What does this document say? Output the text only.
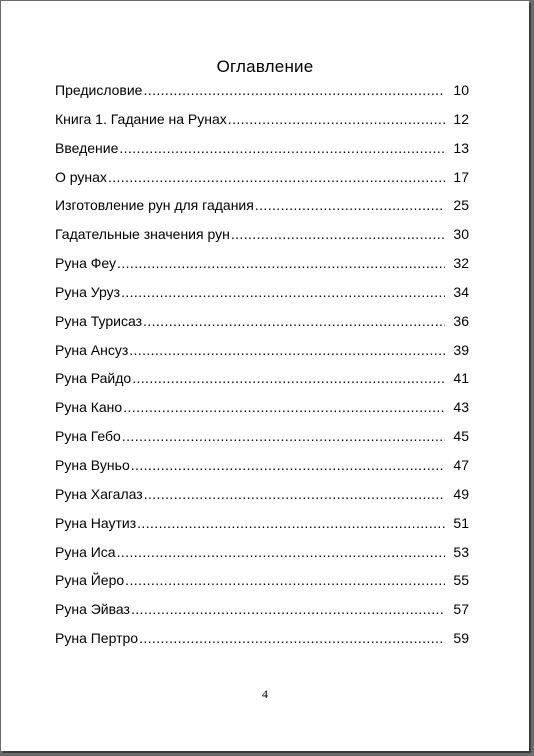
Оглавление
Предисловие .....	10
Книга 1. Гадание на Рунах .....	12
Введение .....	13
О рунах .....	17
Изготовление рун для гадания .....	25
Гадательные значения рун .....	30
Руна Феу .....	32
Руна Уруз .....	34
Руна Турисаз .....	36
Руна Ансуз .....	39
Руна Райдо .....	41
Руна Кано .....	43
Руна Гебо .....	45
Руна Вуньо .....	47
Руна Хагалаз .....	49
Руна Наутиз .....	51
Руна Иса .....	53
Руна Йеро .....	55
Руна Эйваз .....	57
Руна Пертро .....	59
4
